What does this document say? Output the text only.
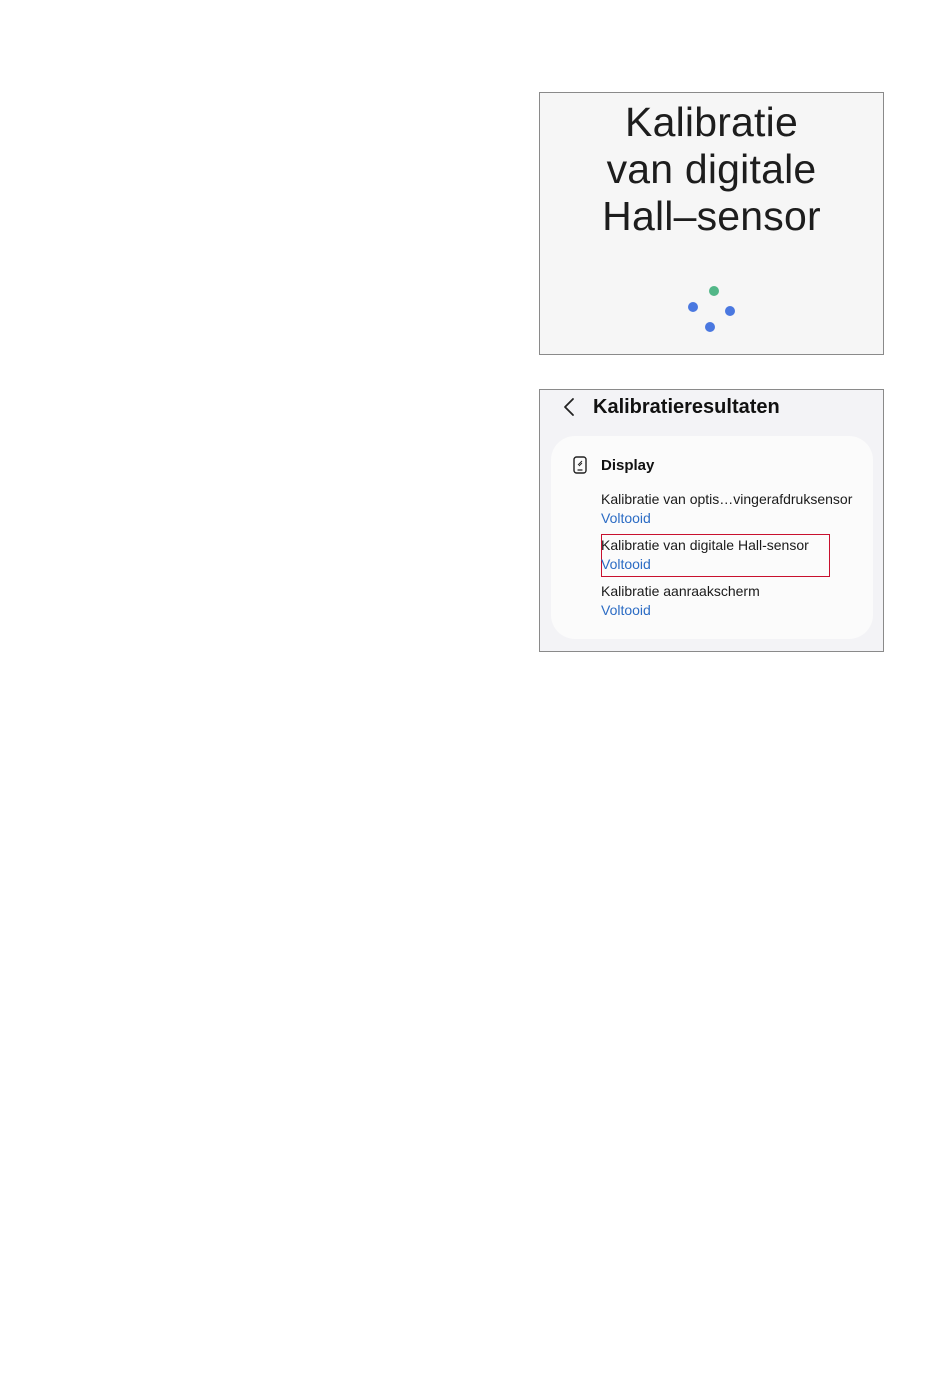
Kalibratie
van digitale
Hall–sensor
Kalibratieresultaten
Display
Kalibratie van optis…vingerafdruksensor
Voltooid
Kalibratie van digitale Hall-sensor
Voltooid
Kalibratie aanraakscherm
Voltooid
